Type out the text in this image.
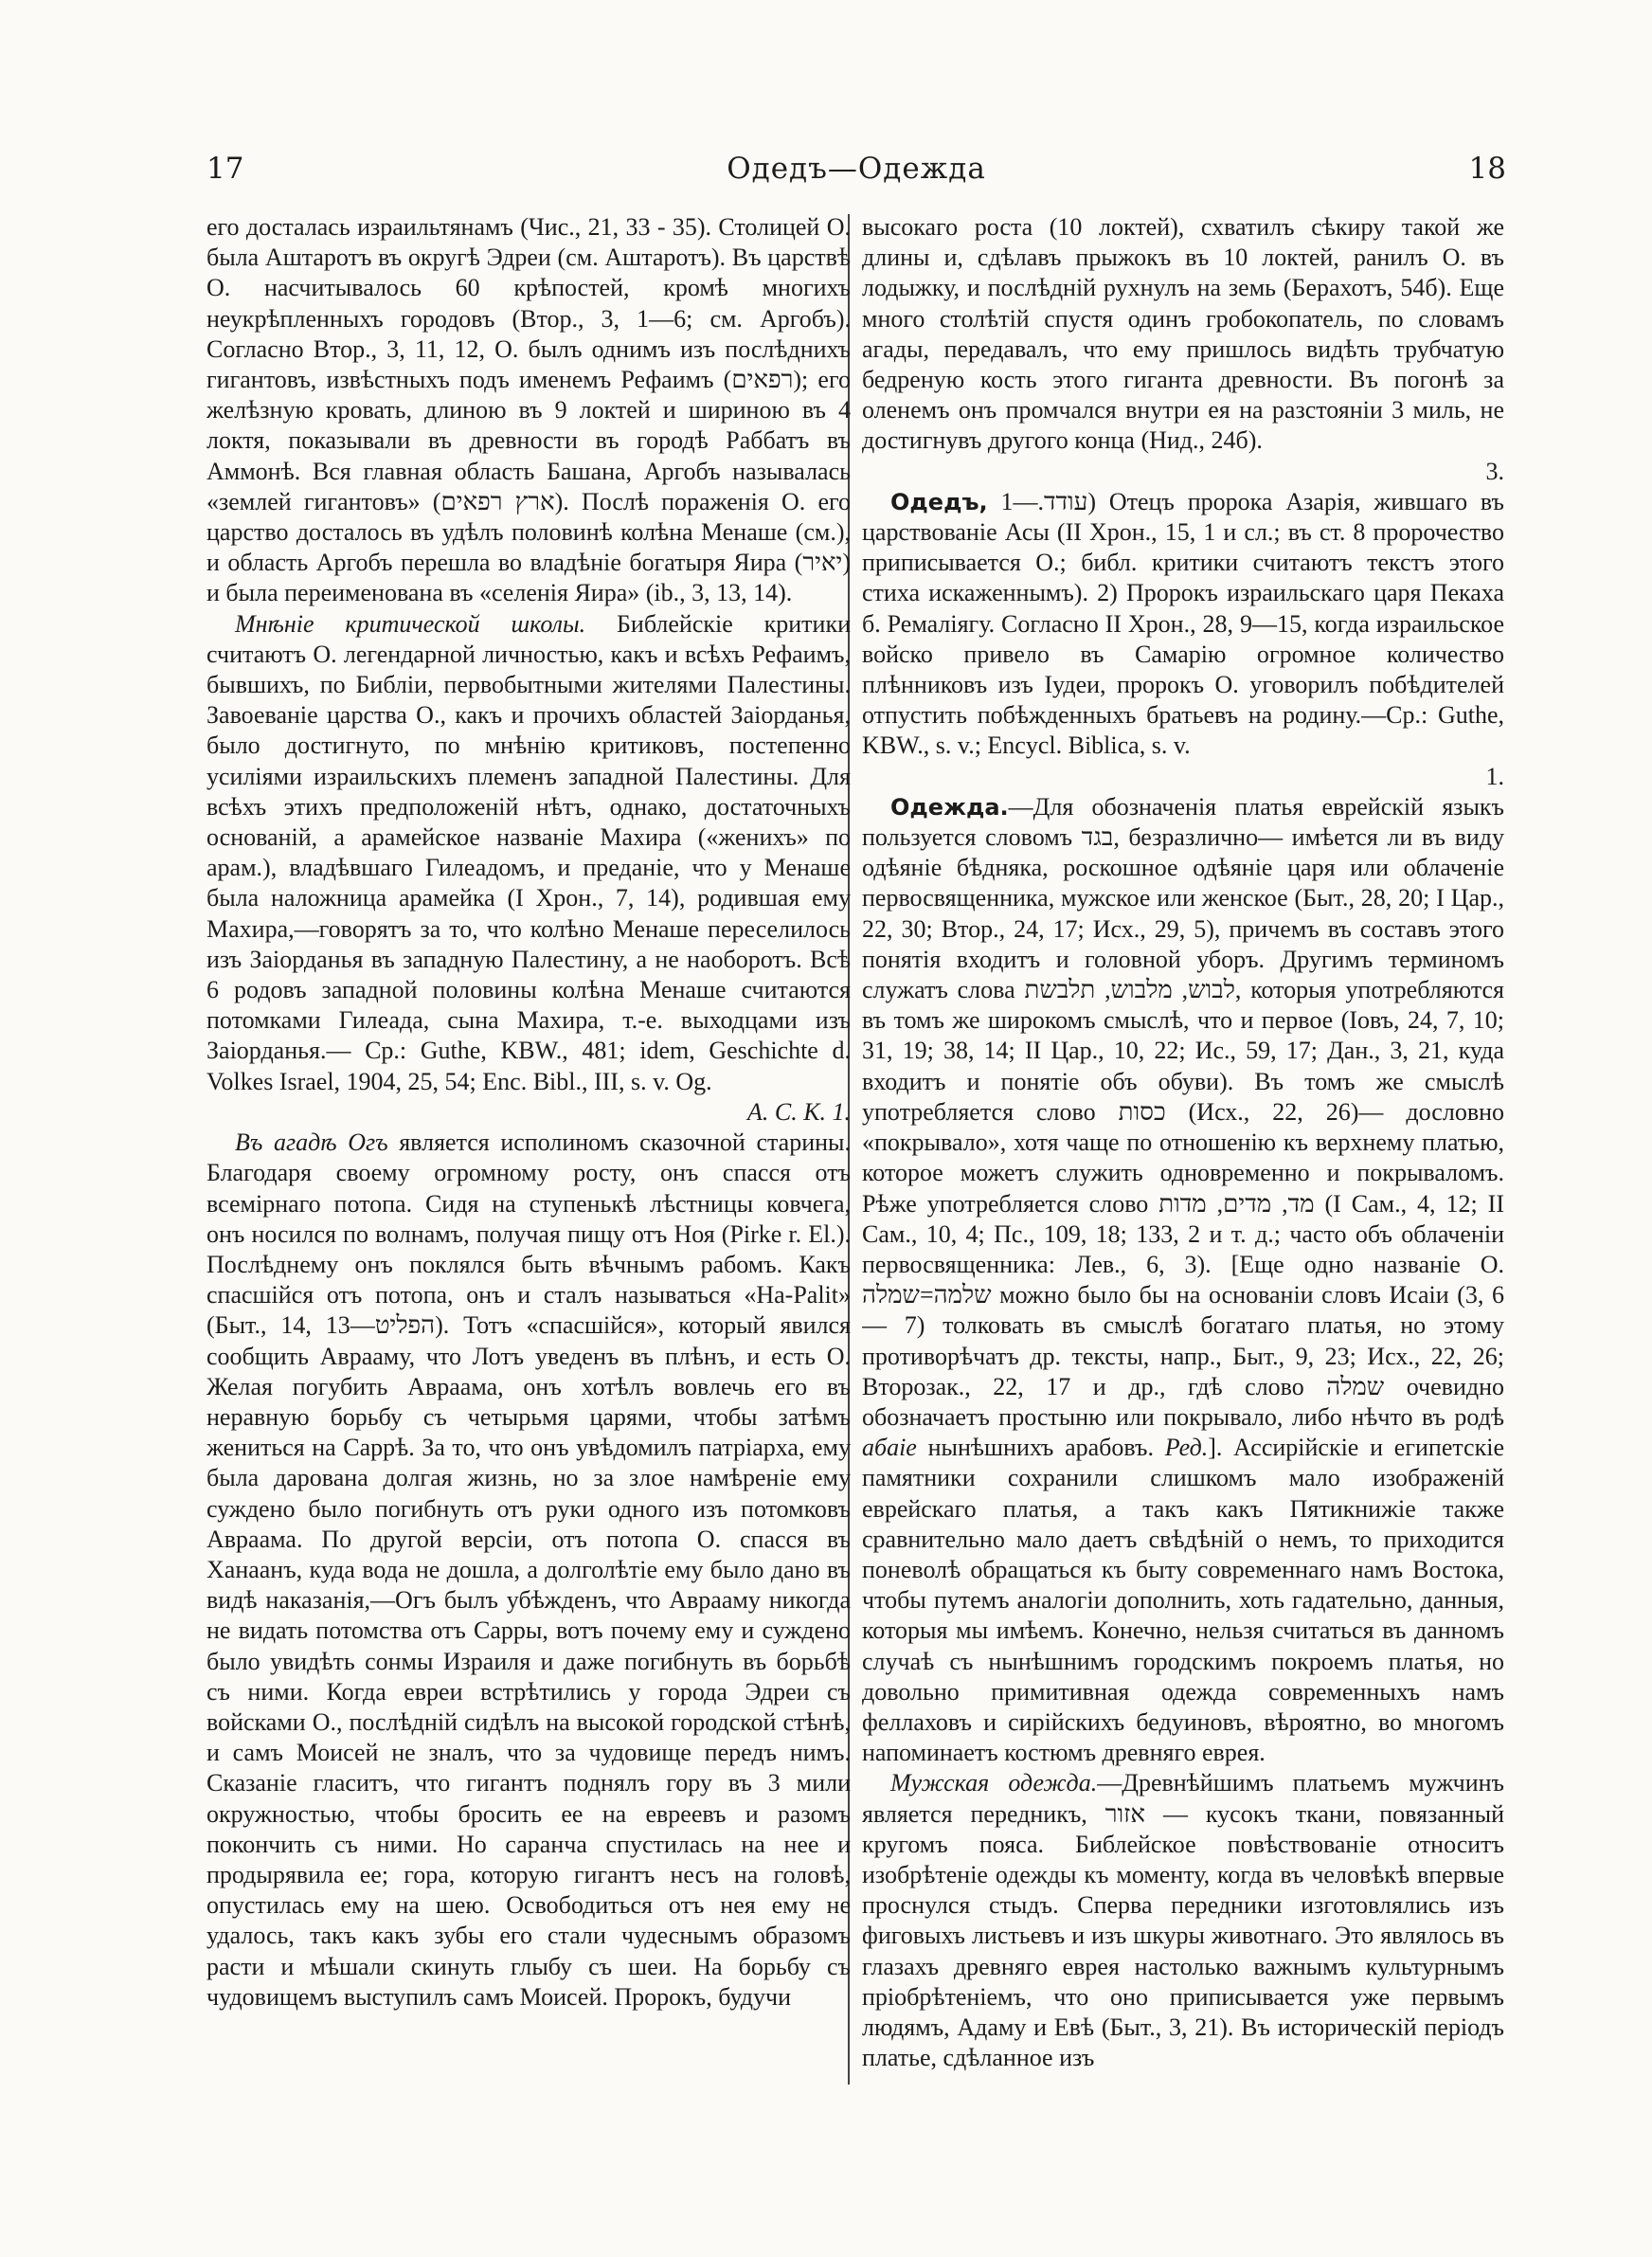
17	Одедъ—Одежда	18

его досталась израильтянамъ (Чис., 21, 33 - 35). Столицей О. была Аштаротъ въ округѣ Эдреи (см. Аштаротъ). Въ царствѣ О. насчитывалось 60 крѣпостей, кромѣ многихъ неукрѣпленныхъ городовъ (Втор., 3, 1—6; см. Аргобъ). Согласно Втор., 3, 11, 12, О. былъ однимъ изъ послѣднихъ гигантовъ, извѣстныхъ подъ именемъ Рефаимъ (רפאים); его желѣзную кровать, длиною въ 9 локтей и шириною въ 4 локтя, показывали въ древности въ городѣ Раббатъ въ Аммонѣ. Вся главная область Башана, Аргобъ называлась «землей гигантовъ» (ארץ רפאים). Послѣ пораженія О. его царство досталось въ удѣлъ половинѣ колѣна Менаше (см.), и область Аргобъ перешла во владѣніе богатыря Яира (יאיר) и была переименована въ «селенія Яира» (ib., 3, 13, 14).

Мнѣніе критической школы. Библейскіе критики считаютъ О. легендарной личностью, какъ и всѣхъ Рефаимъ, бывшихъ, по Библіи, первобытными жителями Палестины. Завоеваніе царства О., какъ и прочихъ областей Заіорданья, было достигнуто, по мнѣнію критиковъ, постепенно усиліями израильскихъ племенъ западной Палестины. Для всѣхъ этихъ предположеній нѣтъ, однако, достаточныхъ основаній, а арамейское названіе Махира («женихъ» по арам.), владѣвшаго Гилеадомъ, и преданіе, что у Менаше была наложница арамейка (I Хрон., 7, 14), родившая ему Махира,—говорятъ за то, что колѣно Менаше переселилось изъ Заіорданья въ западную Палестину, а не наоборотъ. Всѣ 6 родовъ западной половины колѣна Менаше считаются потомками Гилеада, сына Махира, т.-е. выходцами изъ Заіорданья.— Ср.: Guthe, KBW., 481; idem, Geschichte d. Volkes Israel, 1904, 25, 54; Enc. Bibl., III, s. v. Og.

А. С. К. 1.

Въ агадѣ Огъ является исполиномъ сказочной старины. Благодаря своему огромному росту, онъ спасся отъ всемірнаго потопа. Сидя на ступенькѣ лѣстницы ковчега, онъ носился по волнамъ, получая пищу отъ Ноя (Pirke r. El.). Послѣднему онъ поклялся быть вѣчнымъ рабомъ. Какъ спасшійся отъ потопа, онъ и сталъ называться «Ha-Palit» (Быт., 14, 13—הפליט). Тотъ «спасшійся», который явился сообщить Аврааму, что Лотъ уведенъ въ плѣнъ, и есть О. Желая погубить Авраама, онъ хотѣлъ вовлечь его въ неравную борьбу съ четырьмя царями, чтобы затѣмъ жениться на Саррѣ. За то, что онъ увѣдомилъ патріарха, ему была дарована долгая жизнь, но за злое намѣреніе ему суждено было погибнуть отъ руки одного изъ потомковъ Авраама. По другой версіи, отъ потопа О. спасся въ Ханаанъ, куда вода не дошла, а долголѣтіе ему было дано въ видѣ наказанія,—Огъ былъ убѣжденъ, что Аврааму никогда не видать потомства отъ Сарры, вотъ почему ему и суждено было увидѣть сонмы Израиля и даже погибнуть въ борьбѣ съ ними. Когда евреи встрѣтились у города Эдреи съ войсками О., послѣдній сидѣлъ на высокой городской стѣнѣ, и самъ Моисей не зналъ, что за чудовище передъ нимъ. Сказаніе гласитъ, что гигантъ поднялъ гору въ 3 мили окружностью, чтобы бросить ее на евреевъ и разомъ покончить съ ними. Но саранча спустилась на нее и продырявила ее; гора, которую гигантъ несъ на головѣ, опустилась ему на шею. Освободиться отъ нея ему не удалось, такъ какъ зубы его стали чудеснымъ образомъ расти и мѣшали скинуть глыбу съ шеи. На борьбу съ чудовищемъ выступилъ самъ Моисей. Пророкъ, будучи

высокаго роста (10 локтей), схватилъ сѣкиру такой же длины и, сдѣлавъ прыжокъ въ 10 локтей, ранилъ О. въ лодыжку, и послѣдній рухнулъ на земь (Берахотъ, 54б). Еще много столѣтій спустя одинъ гробокопатель, по словамъ агады, передавалъ, что ему пришлось видѣть трубчатую бедреную кость этого гиганта древности. Въ погонѣ за оленемъ онъ промчался внутри ея на разстояніи 3 миль, не достигнувъ другого конца (Нид., 24б).

3.

Одедъ, עודד.—1) Отецъ пророка Азарія, жившаго въ царствованіе Асы (II Хрон., 15, 1 и сл.; въ ст. 8 пророчество приписывается О.; библ. критики считаютъ текстъ этого стиха искаженнымъ). 2) Пророкъ израильскаго царя Пекаха б. Ремаліягу. Согласно II Хрон., 28, 9—15, когда израильское войско привело въ Самарію огромное количество плѣнниковъ изъ Іудеи, пророкъ О. уговорилъ побѣдителей отпустить побѣжденныхъ братьевъ на родину.—Ср.: Guthe, KBW., s. v.; Encycl. Biblica, s. v.

1.

Одежда.—Для обозначенія платья еврейскій языкъ пользуется словомъ בגד, безразлично— имѣется ли въ виду одѣяніе бѣдняка, роскошное одѣяніе царя или облаченіе первосвященника, мужское или женское (Быт., 28, 20; I Цар., 22, 30; Втор., 24, 17; Исх., 29, 5), причемъ въ составъ этого понятія входитъ и головной уборъ. Другимъ терминомъ служатъ слова לבוש, מלבוש, תלבשת, которыя употребляются въ томъ же широкомъ смыслѣ, что и первое (Іовъ, 24, 7, 10; 31, 19; 38, 14; II Цар., 10, 22; Ис., 59, 17; Дан., 3, 21, куда входитъ и понятіе объ обуви). Въ томъ же смыслѣ употребляется слово כסות (Исх., 22, 26)— дословно «покрывало», хотя чаще по отношенію къ верхнему платью, которое можетъ служить одновременно и покрываломъ. Рѣже употребляется слово מד, מדים, מדות (I Сам., 4, 12; II Сам., 10, 4; Пс., 109, 18; 133, 2 и т. д.; часто объ облаченіи первосвященника: Лев., 6, 3). [Еще одно названіе О. שלמה=שמלה можно было бы на основаніи словъ Исаіи (3, 6 — 7) толковать въ смыслѣ богатаго платья, но этому противорѣчатъ др. тексты, напр., Быт., 9, 23; Исх., 22, 26; Второзак., 22, 17 и др., гдѣ слово שמלה очевидно обозначаетъ простыню или покрывало, либо нѣчто въ родѣ абаіе нынѣшнихъ арабовъ. Ред.]. Ассирійскіе и египетскіе памятники сохранили слишкомъ мало изображеній еврейскаго платья, а такъ какъ Пятикнижіе также сравнительно мало даетъ свѣдѣній о немъ, то приходится поневолѣ обращаться къ быту современнаго намъ Востока, чтобы путемъ аналогіи дополнить, хоть гадательно, данныя, которыя мы имѣемъ. Конечно, нельзя считаться въ данномъ случаѣ съ нынѣшнимъ городскимъ покроемъ платья, но довольно примитивная одежда современныхъ намъ феллаховъ и сирійскихъ бедуиновъ, вѣроятно, во многомъ напоминаетъ костюмъ древняго еврея.

Мужская одежда.—Древнѣйшимъ платьемъ мужчинъ является передникъ, אזור — кусокъ ткани, повязанный кругомъ пояса. Библейское повѣствованіе относитъ изобрѣтеніе одежды къ моменту, когда въ человѣкѣ впервые проснулся стыдъ. Сперва передники изготовлялись изъ фиговыхъ листьевъ и изъ шкуры животнаго. Это являлось въ глазахъ древняго еврея настолько важнымъ культурнымъ пріобрѣтеніемъ, что оно приписывается уже первымъ людямъ, Адаму и Евѣ (Быт., 3, 21). Въ историческій періодъ платье, сдѣланное изъ
